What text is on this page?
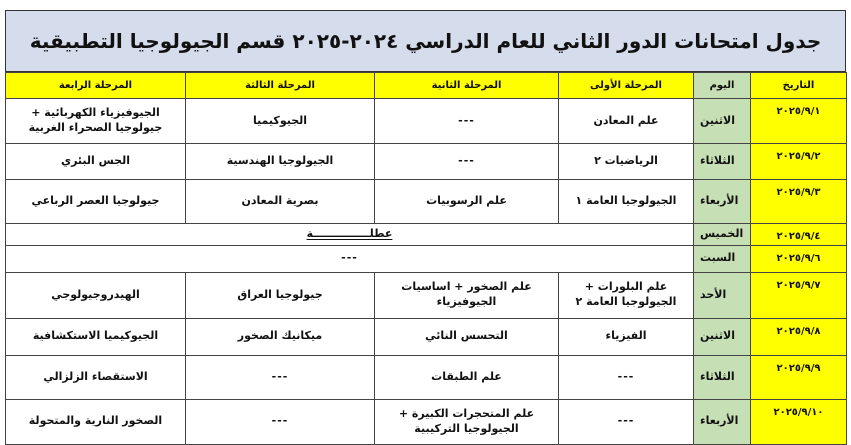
جدول امتحانات الدور الثاني للعام الدراسي ٢٠٢٤-٢٠٢٥ قسم الجيولوجيا التطبيقية
التاريخ	اليوم	المرحلة الأولى	المرحلة الثانية	المرحلة الثالثة	المرحلة الرابعة
٢٠٢٥/٩/١	الاثنين	علم المعادن	---	الجيوكيميا	الجيوفيزياء الكهربائية + جيولوجيا الصحراء الغربية
٢٠٢٥/٩/٢	الثلاثاء	الرياضيات ٢	---	الجيولوجيا الهندسية	الجس البئري
٢٠٢٥/٩/٣	الأربعاء	الجيولوجيا العامة ١	علم الرسوبيات	بصرية المعادن	جيولوجيا العصر الرباعي
٢٠٢٥/٩/٤	الخميس	عطلـــــــــــــــة			
٢٠٢٥/٩/٦	السبت	---			
٢٠٢٥/٩/٧	الأحد	علم البلورات + الجيولوجيا العامة ٢	علم الصخور + اساسيات الجيوفيزياء	جيولوجيا العراق	الهيدروجيولوجي
٢٠٢٥/٩/٨	الاثنين	الفيزياء	التحسس النائي	ميكانيك الصخور	الجيوكيميا الاستكشافية
٢٠٢٥/٩/٩	الثلاثاء	---	علم الطبقات	---	الاستقصاء الزلزالي
٢٠٢٥/٩/١٠	الأربعاء	---	علم المتحجرات الكبيرة + الجيولوجيا التركيبية	---	الصخور النارية والمتحولة
